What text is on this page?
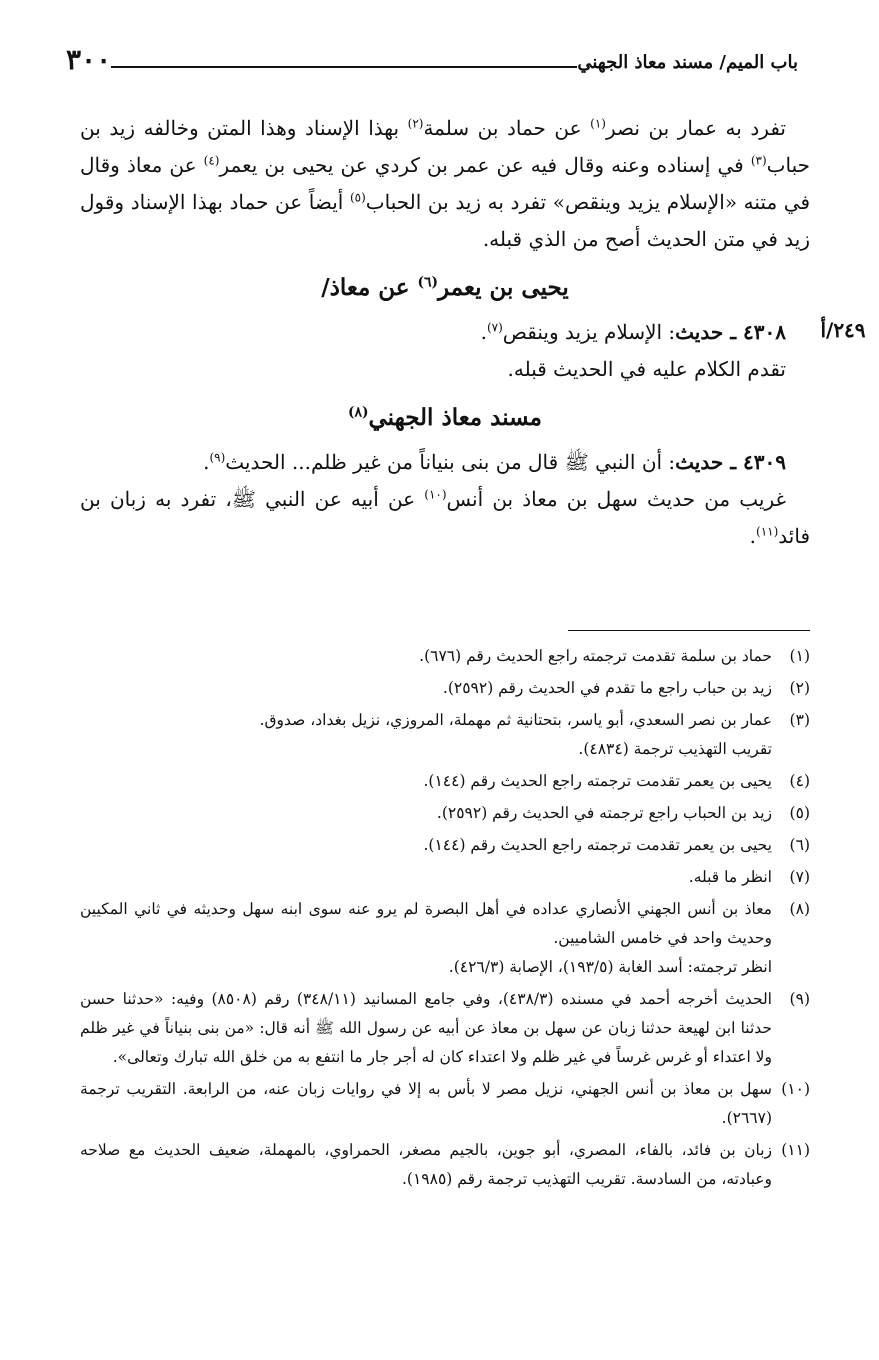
باب الميم/ مسند معاذ الجهني
٣٠٠
٢٤٩/أ

تفرد به عمار بن نصر$^{(١)}$ عن حماد بن سلمة$^{(٢)}$ بهذا الإسناد وهذا المتن وخالفه زيد بن حباب$^{(٣)}$ في إسناده وعنه وقال فيه عن عمر بن كردي عن يحيى بن يعمر$^{(٤)}$ عن معاذ وقال في متنه «الإسلام يزيد وينقص» تفرد به زيد بن الحباب$^{(٥)}$ أيضاً عن حماد بهذا الإسناد وقول زيد في متن الحديث أصح من الذي قبله.

يحيى بن يعمر$^{(٦)}$ عن معاذ/

٤٣٠٨ ـ حديث: الإسلام يزيد وينقص$^{(٧)}$.

تقدم الكلام عليه في الحديث قبله.

مسند معاذ الجهني$^{(٨)}$

٤٣٠٩ ـ حديث: أن النبي ﷺ قال من بنى بنياناً من غير ظلم... الحديث$^{(٩)}$.

غريب من حديث سهل بن معاذ بن أنس$^{(١٠)}$ عن أبيه عن النبي ﷺ، تفرد به زبان بن فائد$^{(١١)}$.

(١)
حماد بن سلمة تقدمت ترجمته راجع الحديث رقم (٦٧٦).
(٢)
زيد بن حباب راجع ما تقدم في الحديث رقم (٢٥٩٢).
(٣)
عمار بن نصر السعدي، أبو ياسر، بتحتانية ثم مهملة، المروزي، نزيل بغداد، صدوق.
تقريب التهذيب ترجمة (٤٨٣٤).
(٤)
يحيى بن يعمر تقدمت ترجمته راجع الحديث رقم (١٤٤).
(٥)
زيد بن الحباب راجع ترجمته في الحديث رقم (٢٥٩٢).
(٦)
يحيى بن يعمر تقدمت ترجمته راجع الحديث رقم (١٤٤).
(٧)
انظر ما قبله.
(٨)
معاذ بن أنس الجهني الأنصاري عداده في أهل البصرة لم يرو عنه سوى ابنه سهل وحديثه في ثاني المكيين وحديث واحد في خامس الشاميين.
انظر ترجمته: أسد الغابة (١٩٣/٥)، الإصابة (٤٢٦/٣).
(٩)
الحديث أخرجه أحمد في مسنده (٤٣٨/٣)، وفي جامع المسانيد (٣٤٨/١١) رقم (٨٥٠٨) وفيه: «حدثنا حسن حدثنا ابن لهيعة حدثنا زبان عن سهل بن معاذ عن أبيه عن رسول الله ﷺ أنه قال: «من بنى بنياناً في غير ظلم ولا اعتداء أو غرس غرساً في غير ظلم ولا اعتداء كان له أجر جار ما انتفع به من خلق الله تبارك وتعالى».
(١٠)
سهل بن معاذ بن أنس الجهني، نزيل مصر لا بأس به إلا في روايات زبان عنه، من الرابعة. التقريب ترجمة (٢٦٦٧).
(١١)
زبان بن فائد، بالفاء، المصري، أبو جوين، بالجيم مصغر، الحمراوي، بالمهملة، ضعيف الحديث مع صلاحه وعبادته، من السادسة. تقريب التهذيب ترجمة رقم (١٩٨٥).
